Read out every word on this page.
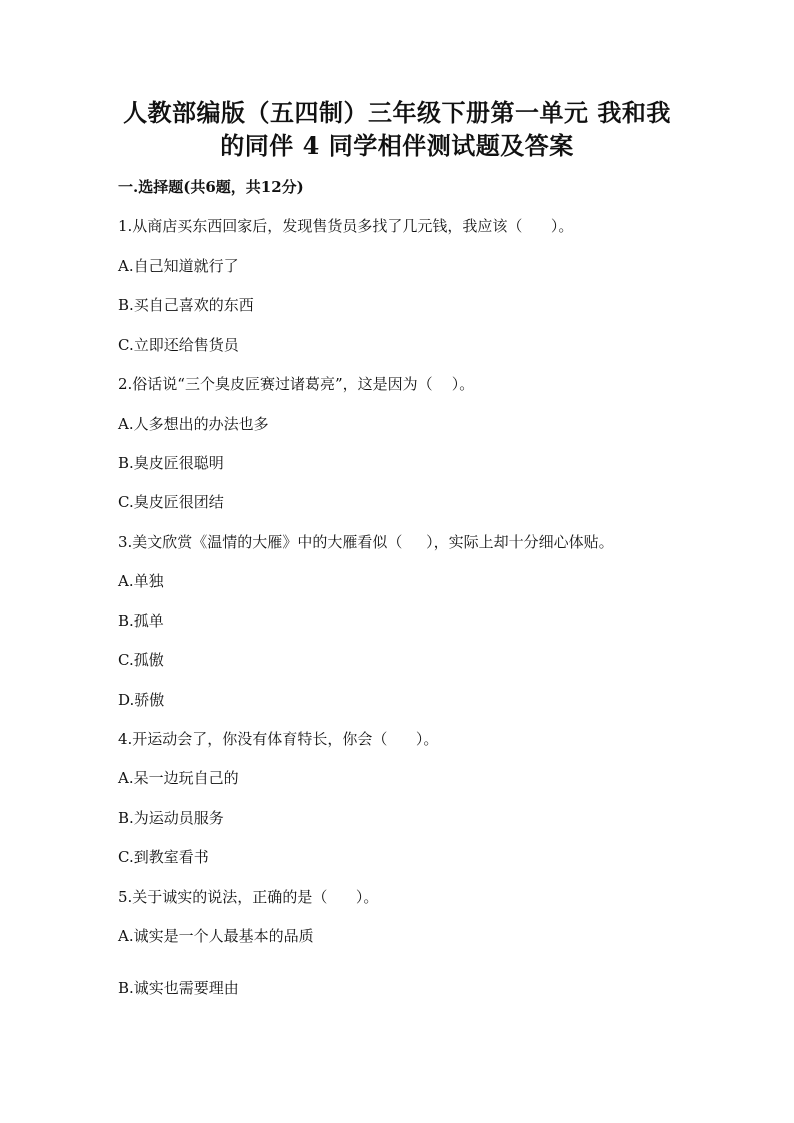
人教部编版（五四制）三年级下册第一单元 我和我
的同伴 4 同学相伴测试题及答案
一.选择题(共6题，共12分)
1.从商店买东西回家后，发现售货员多找了几元钱，我应该（      ）。
A.自己知道就行了
B.买自己喜欢的东西
C.立即还给售货员
2.俗话说“三个臭皮匠赛过诸葛亮”，这是因为（    ）。
A.人多想出的办法也多
B.臭皮匠很聪明
C.臭皮匠很团结
3.美文欣赏《温情的大雁》中的大雁看似（     ），实际上却十分细心体贴。
A.单独
B.孤单
C.孤傲
D.骄傲
4.开运动会了，你没有体育特长，你会（      ）。
A.呆一边玩自己的
B.为运动员服务
C.到教室看书
5.关于诚实的说法，正确的是（      ）。
A.诚实是一个人最基本的品质
B.诚实也需要理由
